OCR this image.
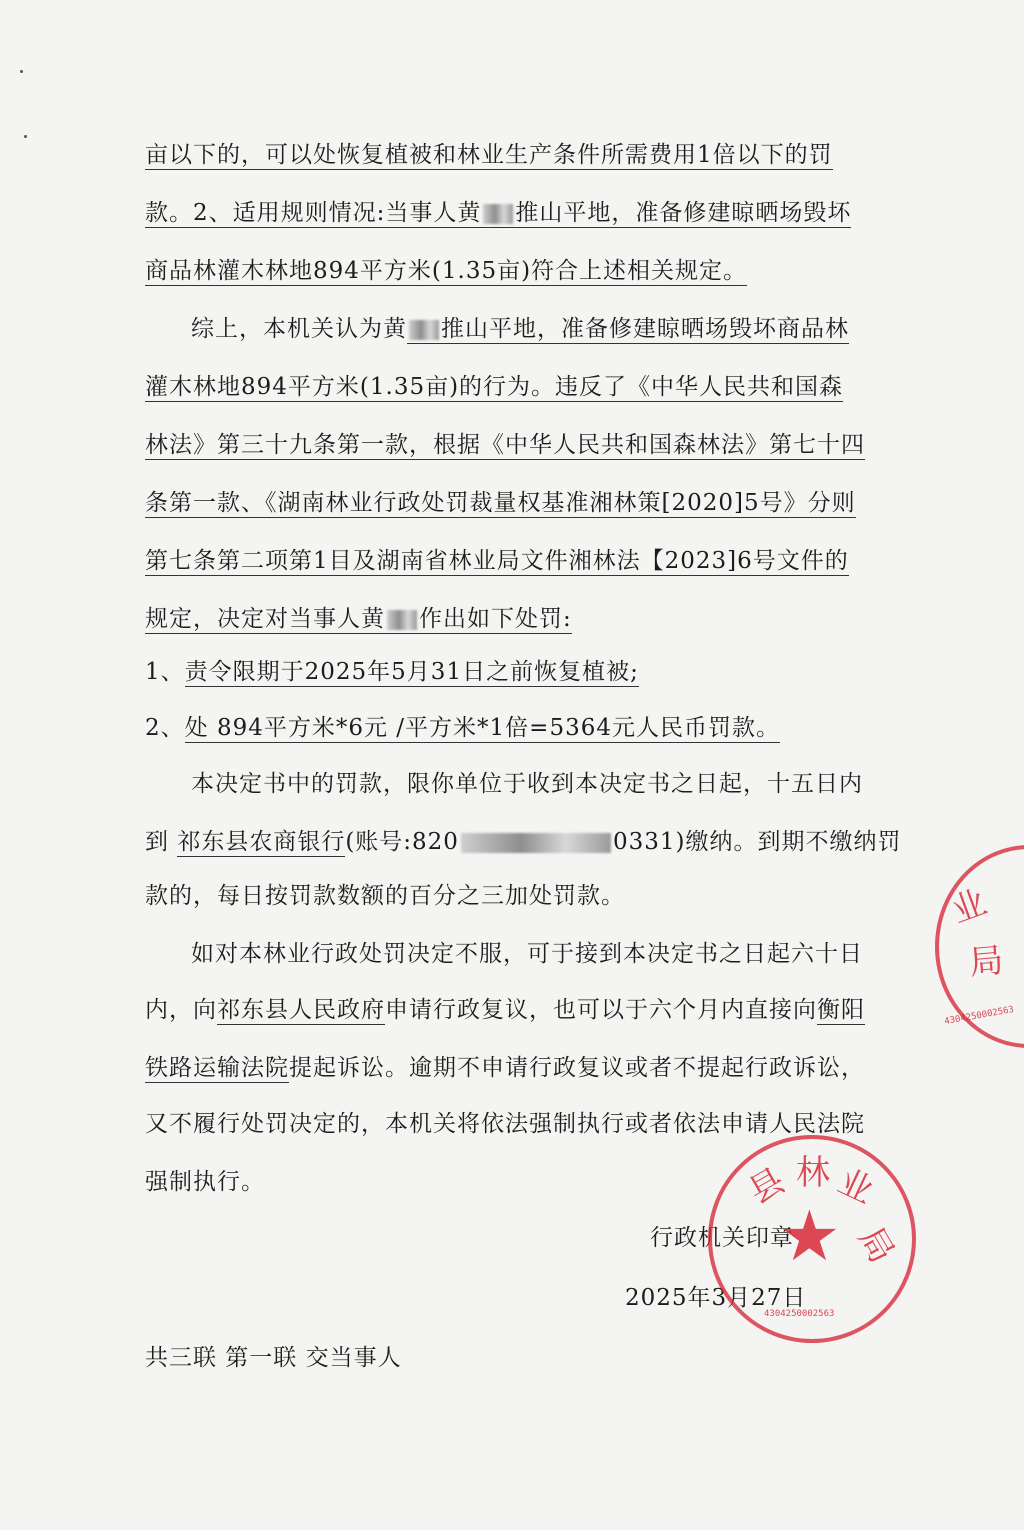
亩以下的，可以处恢复植被和林业生产条件所需费用1倍以下的罚
款。2、适用规则情况:当事人黄 推山平地，准备修建晾晒场毁坏
商品林灌木林地894平方米(1.35亩)符合上述相关规定。
综上，本机关认为黄 推山平地，准备修建晾晒场毁坏商品林
灌木林地894平方米(1.35亩)的行为。违反了《中华人民共和国森
林法》第三十九条第一款，根据《中华人民共和国森林法》第七十四
条第一款、《湖南林业行政处罚裁量权基准湘林策[2020]5号》分则
第七条第二项第1目及湖南省林业局文件湘林法【2023]6号文件的
规定，决定对当事人黄 作出如下处罚:
1、责令限期于2025年5月31日之前恢复植被;
2、处 894平方米*6元 /平方米*1倍=5364元人民币罚款。
本决定书中的罚款，限你单位于收到本决定书之日起，十五日内
到 祁东县农商银行(账号:820	0331)缴纳。到期不缴纳罚
款的，每日按罚款数额的百分之三加处罚款。
如对本林业行政处罚决定不服，可于接到本决定书之日起六十日
内，向祁东县人民政府申请行政复议，也可以于六个月内直接向衡阳
铁路运输法院提起诉讼。逾期不申请行政复议或者不提起行政诉讼，
又不履行处罚决定的，本机关将依法强制执行或者依法申请人民法院
强制执行。
行政机关印章
2025年3月27日
共三联 第一联 交当事人
业
局
4304250002563
县 林 业
局
★
4304250002563
